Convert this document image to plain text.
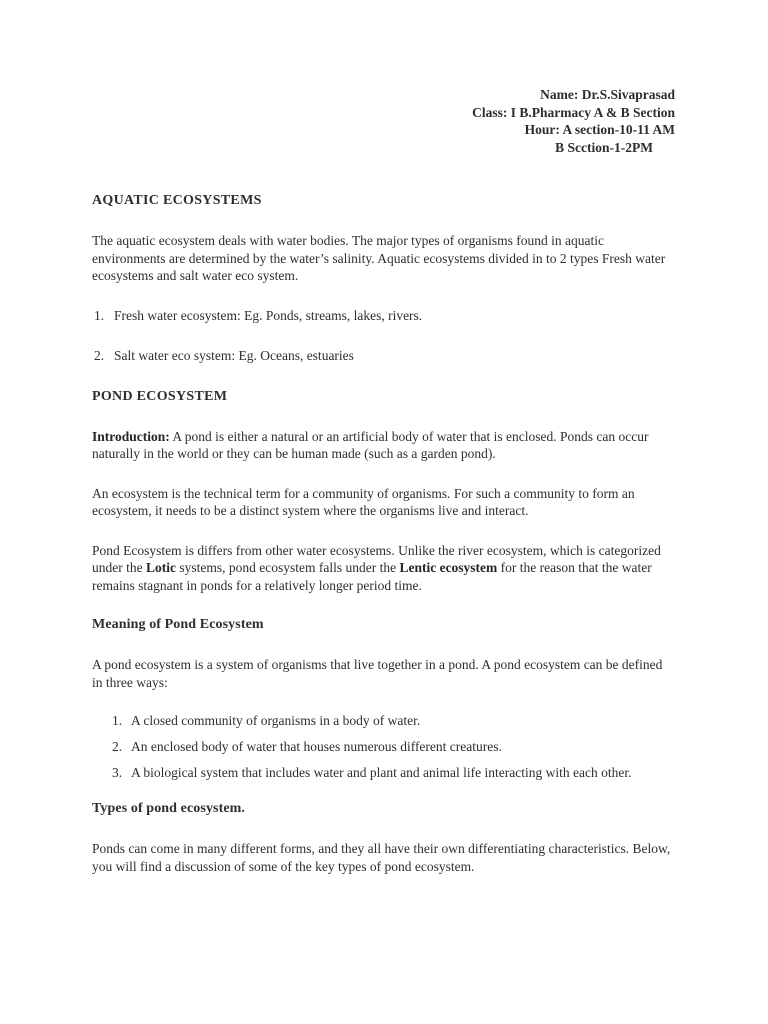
Name: Dr.S.Sivaprasad
Class: I B.Pharmacy A & B Section
Hour: A section-10-11 AM
B Scction-1-2PM
AQUATIC ECOSYSTEMS

The aquatic ecosystem deals with water bodies. The major types of organisms found in aquatic environments are determined by the water’s salinity. Aquatic ecosystems divided in to 2 types Fresh water ecosystems and salt water eco system.

1. Fresh water ecosystem: Eg. Ponds, streams, lakes, rivers.
2. Salt water eco system: Eg. Oceans, estuaries
POND ECOSYSTEM

Introduction: A pond is either a natural or an artificial body of water that is enclosed. Ponds can occur naturally in the world or they can be human made (such as a garden pond).

An ecosystem is the technical term for a community of organisms. For such a community to form an ecosystem, it needs to be a distinct system where the organisms live and interact.

Pond Ecosystem is differs from other water ecosystems. Unlike the river ecosystem, which is categorized under the Lotic systems, pond ecosystem falls under the Lentic ecosystem for the reason that the water remains stagnant in ponds for a relatively longer period time.

Meaning of Pond Ecosystem

A pond ecosystem is a system of organisms that live together in a pond. A pond ecosystem can be defined in three ways:

1. A closed community of organisms in a body of water.
2. An enclosed body of water that houses numerous different creatures.
3. A biological system that includes water and plant and animal life interacting with each other.
Types of pond ecosystem.

Ponds can come in many different forms, and they all have their own differentiating characteristics. Below, you will find a discussion of some of the key types of pond ecosystem.
